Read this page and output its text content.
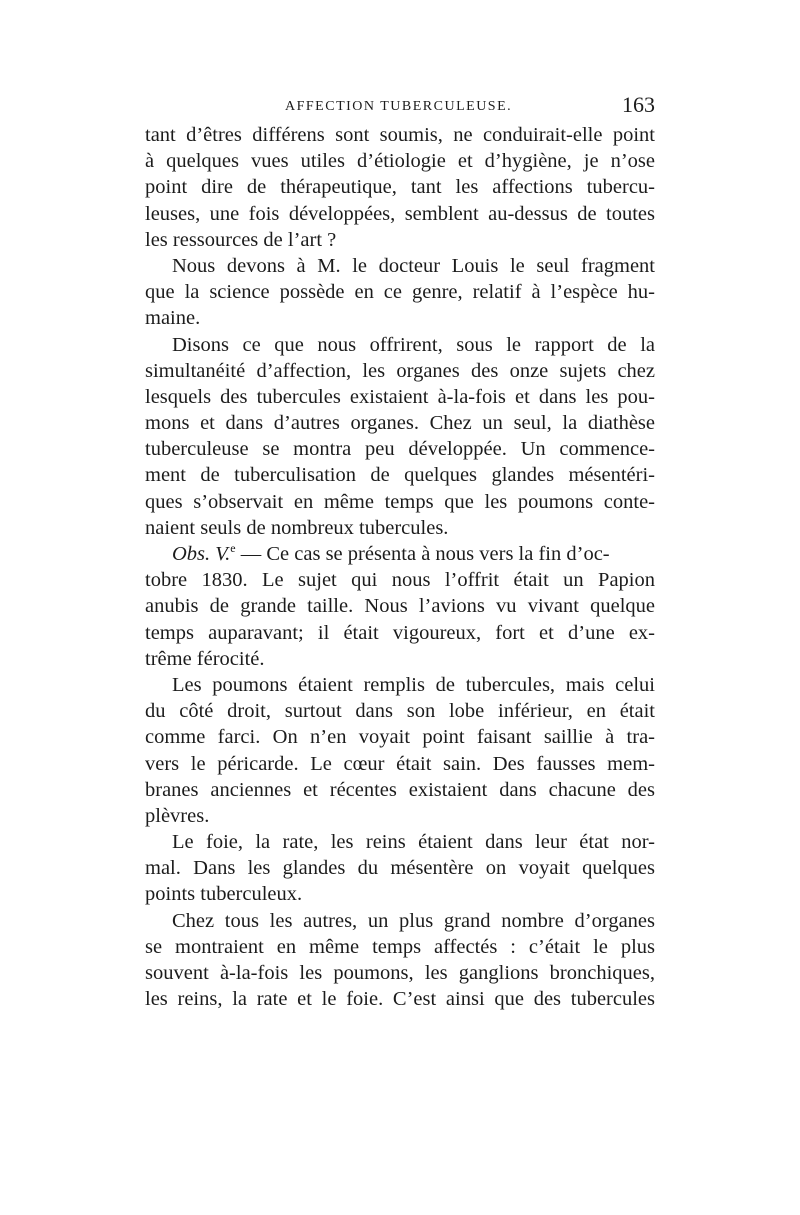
AFFECTION TUBERCULEUSE.	163
tant d’êtres différens sont soumis, ne conduirait-elle point
à quelques vues utiles d’étiologie et d’hygiène, je n’ose
point dire de thérapeutique, tant les affections tubercu-
leuses, une fois développées, semblent au-dessus de toutes
les ressources de l’art ?
Nous devons à M. le docteur Louis le seul fragment
que la science possède en ce genre, relatif à l’espèce hu-
maine.
Disons ce que nous offrirent, sous le rapport de la
simultanéité d’affection, les organes des onze sujets chez
lesquels des tubercules existaient à-la-fois et dans les pou-
mons et dans d’autres organes. Chez un seul, la diathèse
tuberculeuse se montra peu développée. Un commence-
ment de tuberculisation de quelques glandes mésentéri-
ques s’observait en même temps que les poumons conte-
naient seuls de nombreux tubercules.
Obs. V.$^e$ — Ce cas se présenta à nous vers la fin d’oc-
tobre 1830. Le sujet qui nous l’offrit était un Papion
anubis de grande taille. Nous l’avions vu vivant quelque
temps auparavant; il était vigoureux, fort et d’une ex-
trême férocité.
Les poumons étaient remplis de tubercules, mais celui
du côté droit, surtout dans son lobe inférieur, en était
comme farci. On n’en voyait point faisant saillie à tra-
vers le péricarde. Le cœur était sain. Des fausses mem-
branes anciennes et récentes existaient dans chacune des
plèvres.
Le foie, la rate, les reins étaient dans leur état nor-
mal. Dans les glandes du mésentère on voyait quelques
points tuberculeux.
Chez tous les autres, un plus grand nombre d’organes
se montraient en même temps affectés : c’était le plus
souvent à-la-fois les poumons, les ganglions bronchiques,
les reins, la rate et le foie. C’est ainsi que des tubercules
